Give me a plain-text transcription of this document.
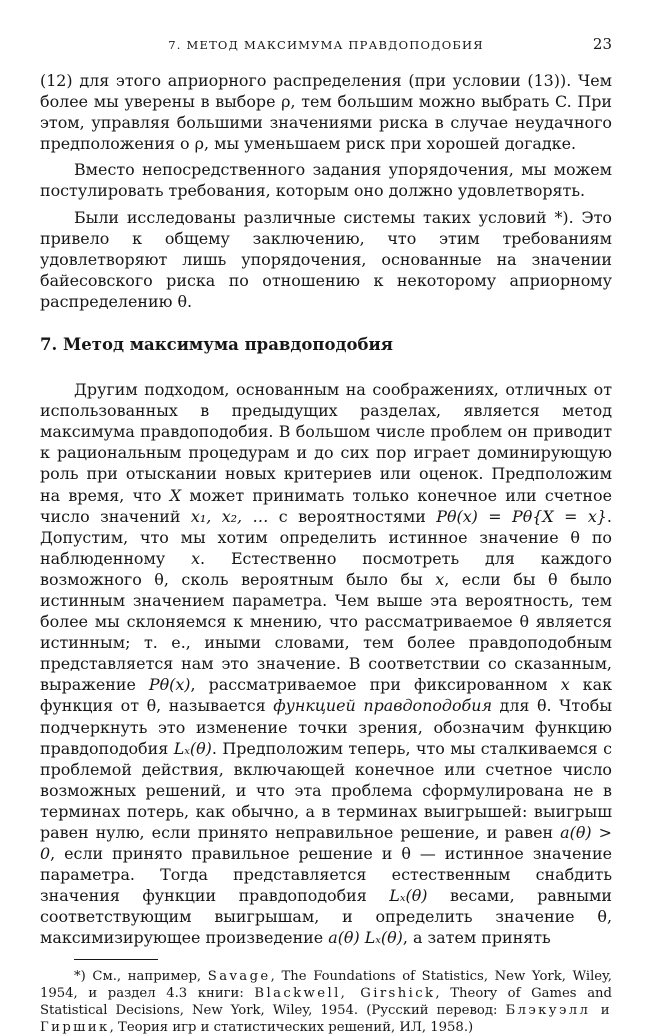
7. МЕТОД МАКСИМУМА ПРАВДОПОДОБИЯ	23

(12) для этого априорного распределения (при условии (13)). Чем более мы уверены в выборе ρ, тем большим можно выбрать C. При этом, управляя большими значениями риска в случае неудачного предположения о ρ, мы уменьшаем риск при хорошей догадке.

Вместо непосредственного задания упорядочения, мы можем постулировать требования, которым оно должно удовлетворять.

Были исследованы различные системы таких условий *). Это привело к общему заключению, что этим требованиям удовлетворяют лишь упорядочения, основанные на значении байесовского риска по отношению к некоторому априорному распределению θ.

7. Метод максимума правдоподобия

Другим подходом, основанным на соображениях, отличных от использованных в предыдущих разделах, является метод максимума правдоподобия. В большом числе проблем он приводит к рациональным процедурам и до сих пор играет доминирующую роль при отыскании новых критериев или оценок. Предположим на время, что X может принимать только конечное или счетное число значений x₁, x₂, … с вероятностями Pθ(x) = Pθ{X = x}. Допустим, что мы хотим определить истинное значение θ по наблюденному x. Естественно посмотреть для каждого возможного θ, сколь вероятным было бы x, если бы θ было истинным значением параметра. Чем выше эта вероятность, тем более мы склоняемся к мнению, что рассматриваемое θ является истинным; т. е., иными словами, тем более правдоподобным представляется нам это значение. В соответствии со сказанным, выражение Pθ(x), рассматриваемое при фиксированном x как функция от θ, называется функцией правдоподобия для θ. Чтобы подчеркнуть это изменение точки зрения, обозначим функцию правдоподобия Lₓ(θ). Предположим теперь, что мы сталкиваемся с проблемой действия, включающей конечное или счетное число возможных решений, и что эта проблема сформулирована не в терминах потерь, как обычно, а в терминах выигрышей: выигрыш равен нулю, если принято неправильное решение, и равен a(θ) > 0, если принято правильное решение и θ — истинное значение параметра. Тогда представляется естественным снабдить значения функции правдоподобия Lₓ(θ) весами, равными соответствующим выигрышам, и определить значение θ, максимизирующее произведение a(θ) Lₓ(θ), а затем принять

*) См., например, Savage, The Foundations of Statistics, New York, Wiley, 1954, и раздел 4.3 книги: Blackwell, Girshick, Theory of Games and Statistical Decisions, New York, Wiley, 1954. (Русский перевод: Блэкуэлл и Гиршик, Теория игр и статистических решений, ИЛ, 1958.)
